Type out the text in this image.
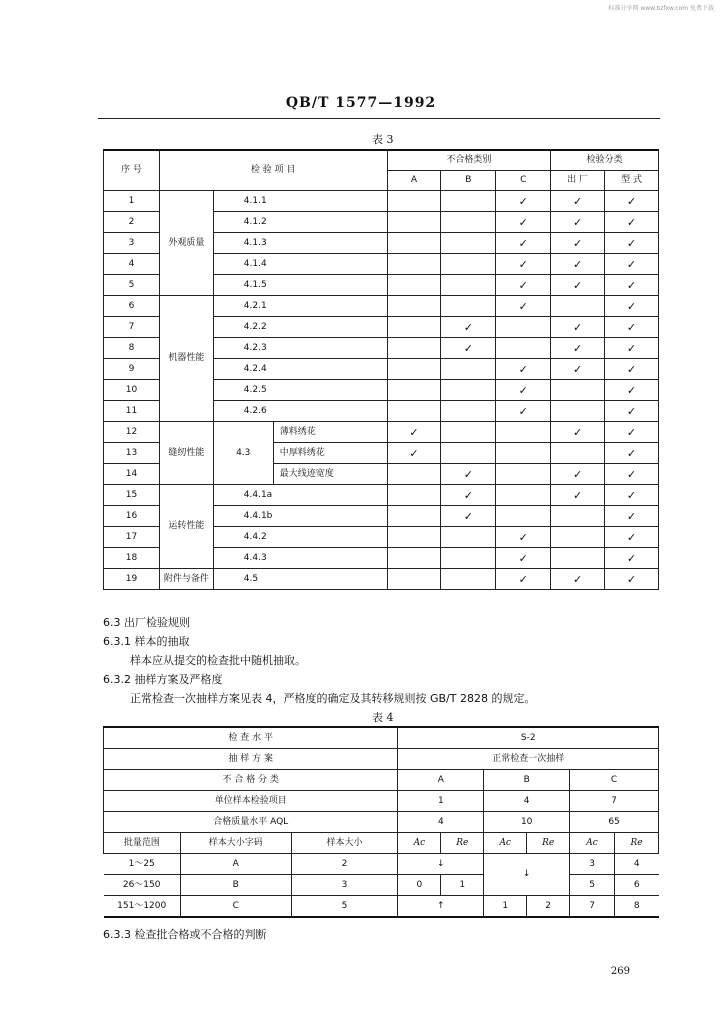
标准分享网 www.bzfxw.com 免费下载
QB/T 1577—1992
表 3
序 号	检 验 项 目			不合格类别			检验分类	
				A	B	C	出 厂	型 式
1	外观质量	4.1.1				✓	✓	✓
2		4.1.2				✓	✓	✓
3		4.1.3				✓	✓	✓
4		4.1.4				✓	✓	✓
5		4.1.5				✓	✓	✓
6	机器性能	4.2.1				✓		✓
7		4.2.2			✓		✓	✓
8		4.2.3			✓		✓	✓
9		4.2.4				✓	✓	✓
10		4.2.5				✓		✓
11		4.2.6				✓		✓
12	缝纫性能	4.3	薄料绣花	✓			✓	✓
13			中厚料绣花	✓				✓
14			最大线迹宽度		✓		✓	✓
15	运转性能	4.4.1a			✓		✓	✓
16		4.4.1b			✓			✓
17		4.4.2				✓		✓
18		4.4.3				✓		✓
19	附件与备件	4.5				✓	✓	✓
6.3 出厂检验规则
6.3.1 样本的抽取
样本应从提交的检查批中随机抽取。
6.3.2 抽样方案及严格度
正常检查一次抽样方案见表 4，严格度的确定及其转移规则按 GB/T 2828 的规定。
表 4
检 查 水 平			S-2					
抽 样 方 案			正常检查一次抽样					
不 合 格 分 类			A		B		C	
单位样本检验项目			1		4		7	
合格质量水平 AQL			4		10		65	
批量范围	样本大小字码	样本大小	Ac	Re	Ac	Re	Ac	Re
1～25	A	2	↓		↓		3	4
26～150	B	3	0	1			5	6
151～1200	C	5	↑		1	2	7	8
6.3.3 检查批合格或不合格的判断
269
